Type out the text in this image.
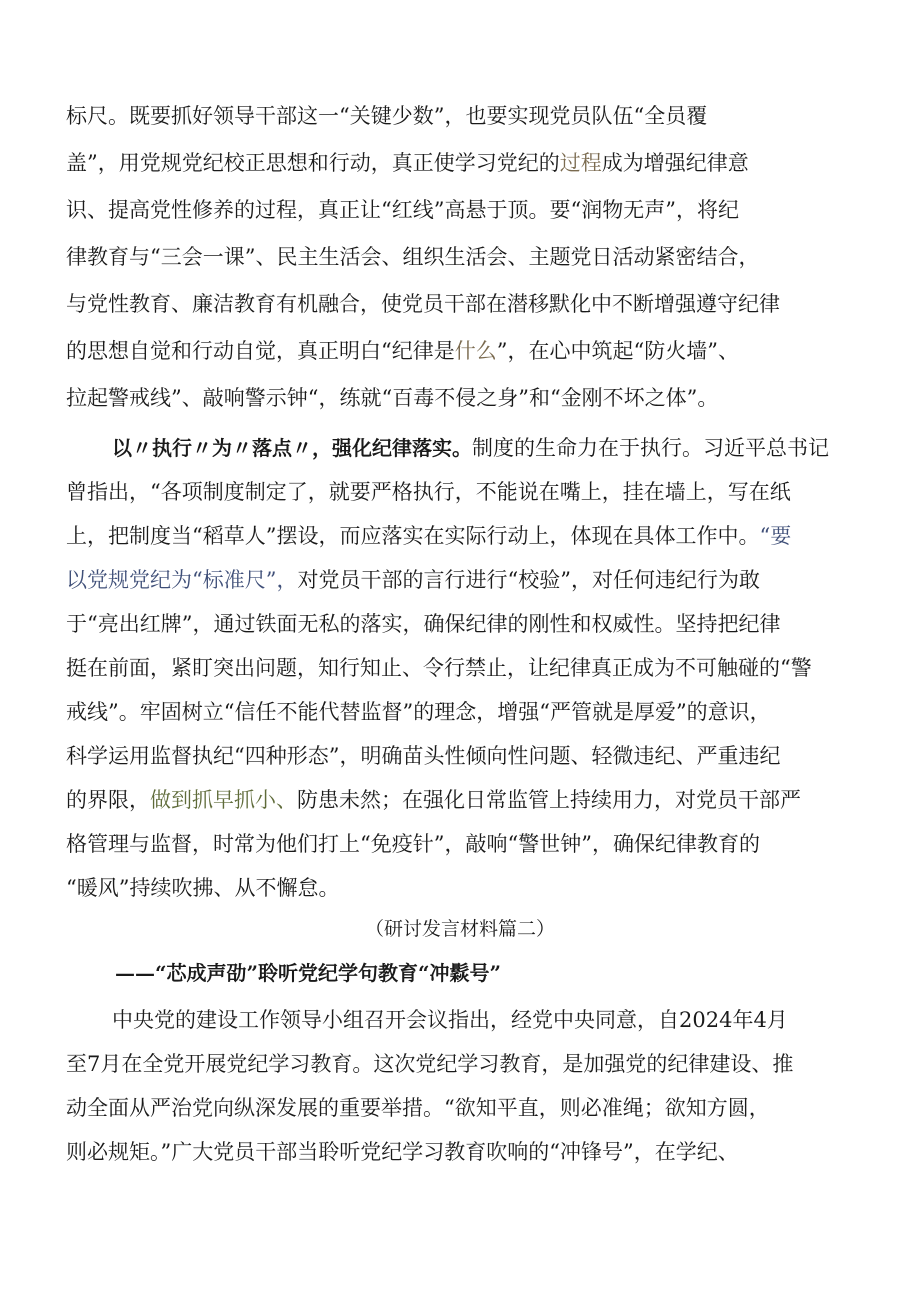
标尺。既要抓好领导干部这一“关键少数”，也要实现党员队伍“全员覆
盖”，用党规党纪校正思想和行动，真正使学习党纪的过程成为增强纪律意
识、提高党性修养的过程，真正让“红线”高悬于顶。要“润物无声”，将纪
律教育与“三会一课”、民主生活会、组织生活会、主题党日活动紧密结合，
与党性教育、廉洁教育有机融合，使党员干部在潜移默化中不断增强遵守纪律
的思想自觉和行动自觉，真正明白“纪律是什么”，在心中筑起“防火墙”、
拉起警戒线”、敲响警示钟“，练就“百毒不侵之身”和“金刚不坏之体”。
以〃执行〃为〃落点〃，强化纪律落实。制度的生命力在于执行。习近平总书记
曾指出，“各项制度制定了，就要严格执行，不能说在嘴上，挂在墙上，写在纸
上，把制度当“稻草人”摆设，而应落实在实际行动上，体现在具体工作中。“要
以党规党纪为“标准尺”，对党员干部的言行进行“校验”，对任何违纪行为敢
于“亮出红牌”，通过铁面无私的落实，确保纪律的刚性和权威性。坚持把纪律
挺在前面，紧盯突出问题，知行知止、令行禁止，让纪律真正成为不可触碰的“警
戒线”。牢固树立“信任不能代替监督”的理念，增强“严管就是厚爱”的意识，
科学运用监督执纪“四种形态”，明确苗头性倾向性问题、轻微违纪、严重违纪
的界限，做到抓早抓小、防患未然；在强化日常监管上持续用力，对党员干部严
格管理与监督，时常为他们打上“免疫针”，敲响“警世钟”，确保纪律教育的
“暖风”持续吹拂、从不懈怠。
（研讨发言材料篇二）
——“芯成声劭”聆听党纪学句教育“冲鬏号”
中央党的建设工作领导小组召开会议指出，经党中央同意，自2024年4月
至7月在全党开展党纪学习教育。这次党纪学习教育，是加强党的纪律建设、推
动全面从严治党向纵深发展的重要举措。“欲知平直，则必准绳；欲知方圆，
则必规矩。”广大党员干部当聆听党纪学习教育吹响的“冲锋号”，在学纪、
